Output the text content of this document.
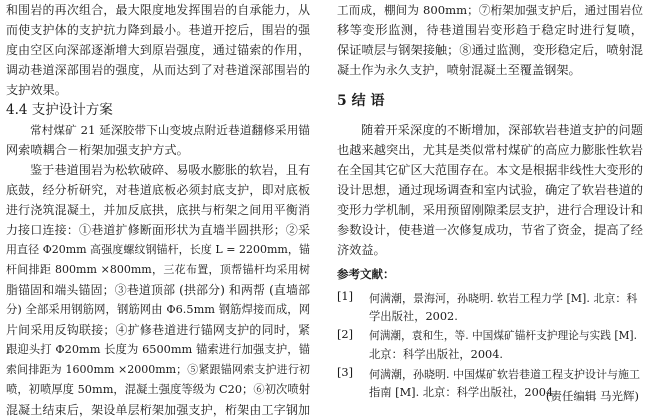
和围岩的再次组合，最大限度地发挥围岩的自承能力，从
而使支护体的支护抗力降到最小。巷道开挖后，围岩的强
度由空区向深部逐渐增大到原岩强度，通过锚索的作用，
调动巷道深部围岩的强度，从而达到了对巷道深部围岩的
支护效果。
4.4 支护设计方案
常村煤矿 21 延深胶带下山变坡点附近巷道翻修采用锚
网索喷耦合－桁架加强支护方式。
鉴于巷道围岩为松软破碎、易吸水膨胀的软岩，且有
底鼓，经分析研究，对巷道底板必须封底支护，即对底板
进行浇筑混凝土，并加反底拱，底拱与桁架之间用平衡消
力接口连接：①巷道扩修断面形状为直墙半圆拱形；②采
用直径 Φ20mm 高强度螺纹钢锚杆，长度 L = 2200mm，锚
杆间排距 800mm ×800mm，三花布置，顶帮锚杆均采用树
脂锚固和端头锚固；③巷道顶部 (拱部分) 和两帮 (直墙部
分) 全部采用钢筋网，钢筋网由 Φ6.5mm 钢筋焊接而成，网
片间采用反钩联接；④扩修巷道进行锚网支护的同时，紧
跟迎头打 Φ20mm 长度为 6500mm 锚索进行加强支护，锚
索间排距为 1600mm ×2000mm；⑤紧跟锚网索支护进行初
喷，初喷厚度 50mm，混凝土强度等级为 C20；⑥初次喷射
混凝土结束后，架设单层桁架加强支护，桁架由工字钢加
工而成，棚间为 800mm；⑦桁架加强支护后，通过围岩位
移等变形监测，待巷道围岩变形趋于稳定时进行复喷，
保证喷层与钢架接触；⑧通过监测，变形稳定后，喷射混
凝土作为永久支护，喷射混凝土至覆盖钢架。
5 结 语
随着开采深度的不断增加，深部软岩巷道支护的问题
也越来越突出，尤其是类似常村煤矿的高应力膨胀性软岩
在全国其它矿区大范围存在。本文是根据非线性大变形的
设计思想，通过现场调查和室内试验，确定了软岩巷道的
变形力学机制，采用预留刚隙柔层支护，进行合理设计和
参数设计，使巷道一次修复成功，节省了资金，提高了经
济效益。
参考文献：
[1] 何满潮，景海河，孙晓明. 软岩工程力学 [M]. 北京：科
学出版社，2002.
[2] 何满潮，袁和生，等. 中国煤矿锚杆支护理论与实践 [M].
北京：科学出版社，2004.
[3] 何满潮，孙晓明. 中国煤矿软岩巷道工程支护设计与施工
指南 [M]. 北京：科学出版社，2004.
(责任编辑 马光辉)
